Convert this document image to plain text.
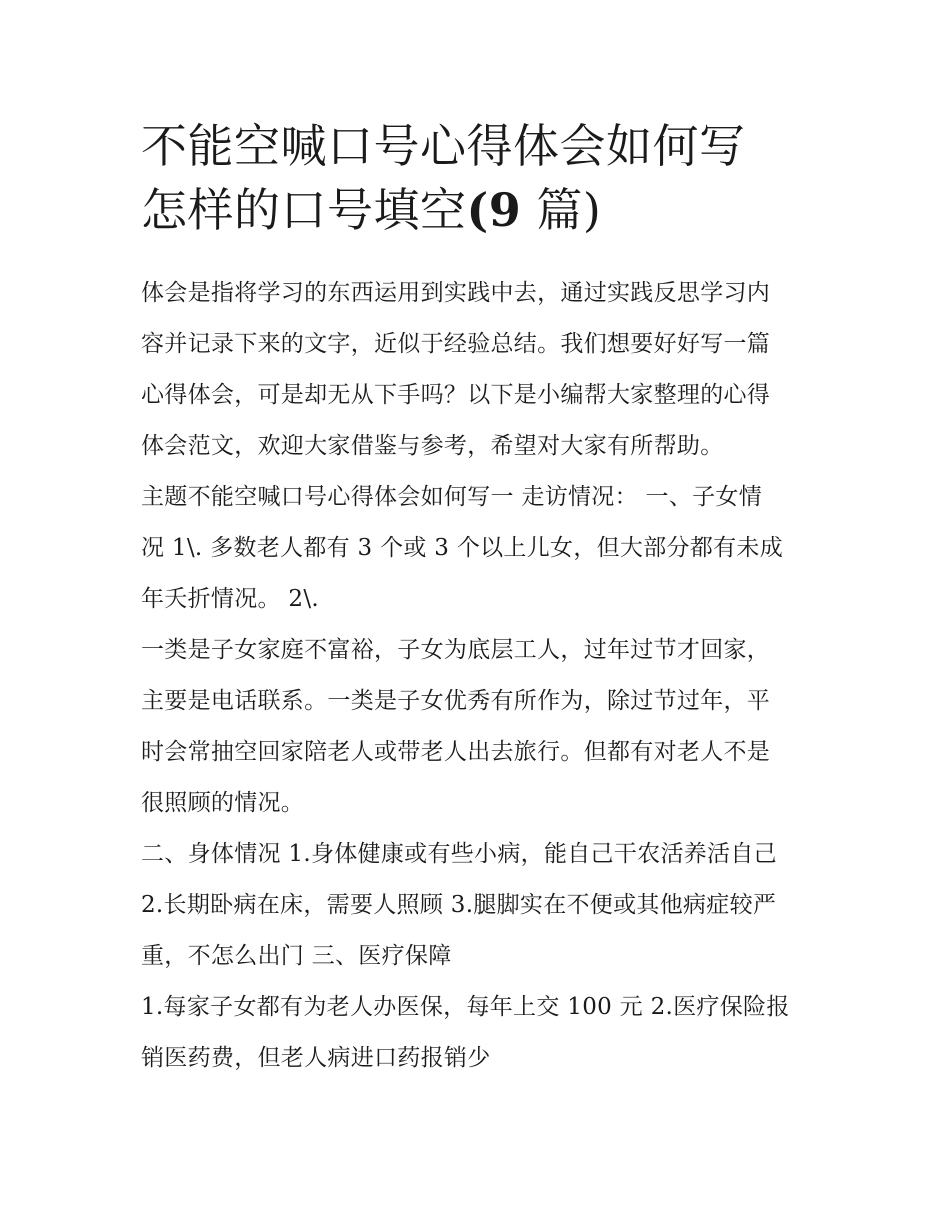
不能空喊口号心得体会如何写
怎样的口号填空(9 篇)

体会是指将学习的东西运用到实践中去，通过实践反思学习内
容并记录下来的文字，近似于经验总结。我们想要好好写一篇
心得体会，可是却无从下手吗？以下是小编帮大家整理的心得
体会范文，欢迎大家借鉴与参考，希望对大家有所帮助。

主题不能空喊口号心得体会如何写一 走访情况： 一、子女情
况 1\. 多数老人都有 3 个或 3 个以上儿女，但大部分都有未成
年夭折情况。 2\.

一类是子女家庭不富裕，子女为底层工人，过年过节才回家，
主要是电话联系。一类是子女优秀有所作为，除过节过年，平
时会常抽空回家陪老人或带老人出去旅行。但都有对老人不是
很照顾的情况。

二、身体情况 1.身体健康或有些小病，能自己干农活养活自己
2.长期卧病在床，需要人照顾 3.腿脚实在不便或其他病症较严
重，不怎么出门 三、医疗保障

1.每家子女都有为老人办医保，每年上交 100 元 2.医疗保险报
销医药费，但老人病进口药报销少
